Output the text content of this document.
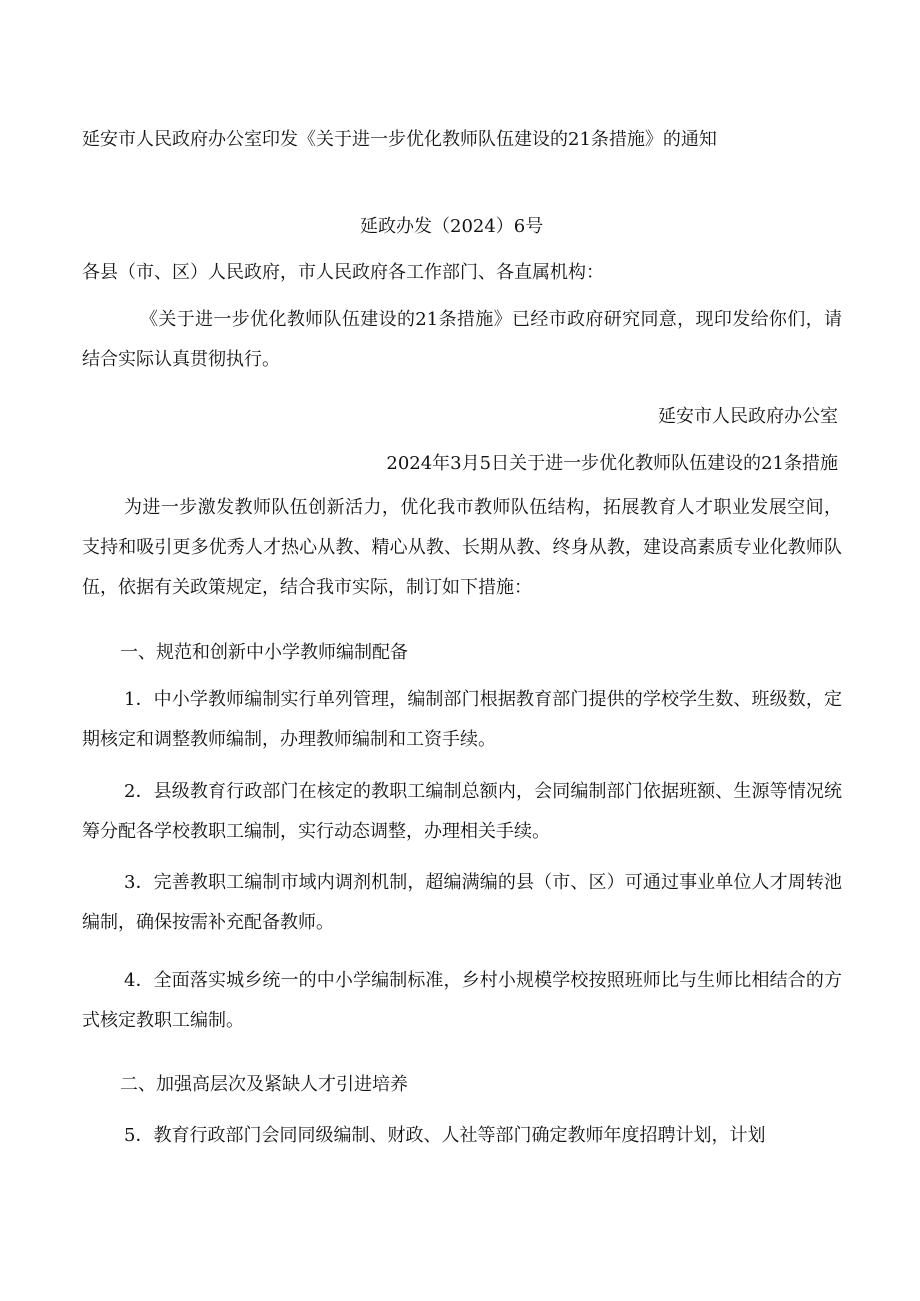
延安市人民政府办公室印发《关于进一步优化教师队伍建设的21条措施》的通知
延政办发（2024）6号
各县（市、区）人民政府，市人民政府各工作部门、各直属机构：
《关于进一步优化教师队伍建设的21条措施》已经市政府研究同意，现印发给你们，请结合实际认真贯彻执行。
延安市人民政府办公室
2024年3月5日关于进一步优化教师队伍建设的21条措施
为进一步激发教师队伍创新活力，优化我市教师队伍结构，拓展教育人才职业发展空间，支持和吸引更多优秀人才热心从教、精心从教、长期从教、终身从教，建设高素质专业化教师队伍，依据有关政策规定，结合我市实际，制订如下措施：
一、规范和创新中小学教师编制配备
1．中小学教师编制实行单列管理，编制部门根据教育部门提供的学校学生数、班级数，定期核定和调整教师编制，办理教师编制和工资手续。
2．县级教育行政部门在核定的教职工编制总额内，会同编制部门依据班额、生源等情况统筹分配各学校教职工编制，实行动态调整，办理相关手续。
3．完善教职工编制市域内调剂机制，超编满编的县（市、区）可通过事业单位人才周转池编制，确保按需补充配备教师。
4．全面落实城乡统一的中小学编制标准，乡村小规模学校按照班师比与生师比相结合的方式核定教职工编制。
二、加强高层次及紧缺人才引进培养
5．教育行政部门会同同级编制、财政、人社等部门确定教师年度招聘计划，计划
